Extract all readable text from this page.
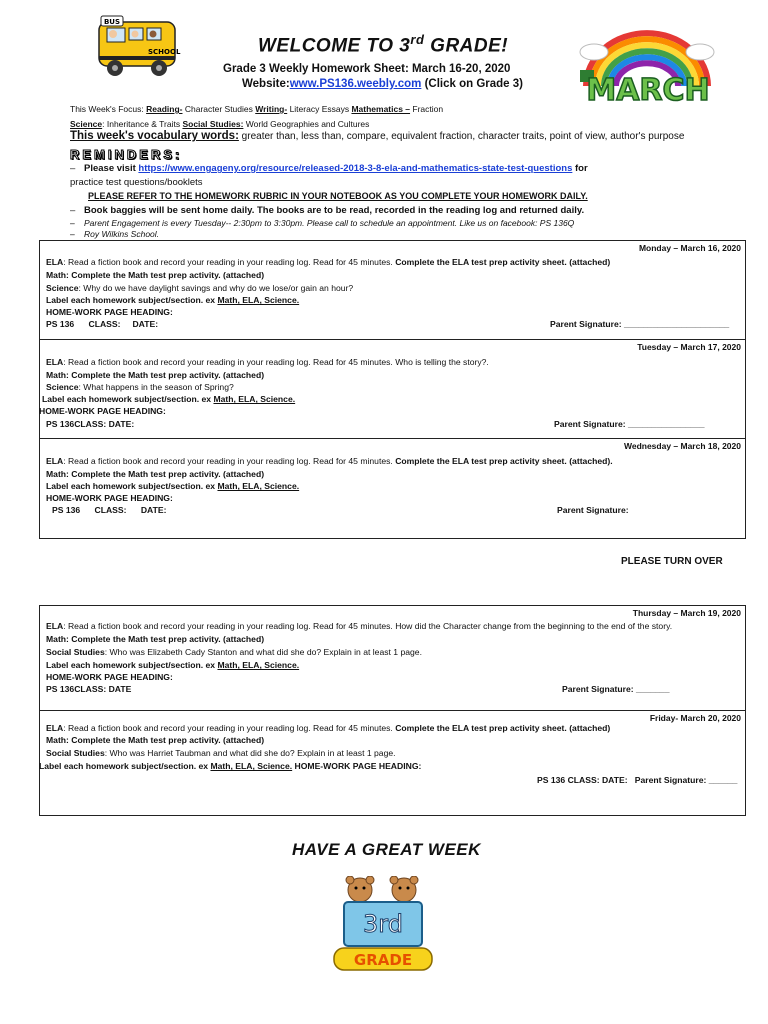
BUS
SCHOOL	WELCOME TO 3rd GRADE!
Grade 3 Weekly Homework Sheet: March 16-20, 2020
Website:www.PS136.weebly.com (Click on Grade 3) MARCH
This Week's Focus: Reading- Character Studies Writing- Literacy Essays Mathematics – Fraction
Science: Inheritance & Traits Social Studies: World Geographies and Cultures
This week's vocabulary words: greater than, less than, compare, equivalent fraction, character traits, point of view, author's purpose
REMINDERS:
– Please visit https://www.engageny.org/resource/released-2018-3-8-ela-and-mathematics-state-test-questions for
practice test questions/booklets
PLEASE REFER TO THE HOMEWORK RUBRIC IN YOUR NOTEBOOK AS YOU COMPLETE YOUR HOMEWORK DAILY.
– Book baggies will be sent home daily. The books are to be read, recorded in the reading log and returned daily.
– Parent Engagement is every Tuesday-- 2:30pm to 3:30pm. Please call to schedule an appointment. Like us on facebook: PS 136Q
– Roy Wilkins School.
Monday – March 16, 2020
ELA: Read a fiction book and record your reading in your reading log. Read for 45 minutes. Complete the ELA test prep activity sheet. (attached)
Math: Complete the Math test prep activity. (attached)
Science: Why do we have daylight savings and why do we lose/or gain an hour?
Label each homework subject/section. ex Math, ELA, Science.
HOME-WORK PAGE HEADING:
PS 136      CLASS:     DATE:	Parent Signature: ______________________
Tuesday – March 17, 2020
ELA: Read a fiction book and record your reading in your reading log. Read for 45 minutes. Who is telling the story?.
Math: Complete the Math test prep activity. (attached)
Science: What happens in the season of Spring?
Label each homework subject/section. ex Math, ELA, Science.
HOME-WORK PAGE HEADING:
PS 136CLASS: DATE:	Parent Signature: ________________
Wednesday – March 18, 2020
ELA: Read a fiction book and record your reading in your reading log. Read for 45 minutes. Complete the ELA test prep activity sheet. (attached).
Math: Complete the Math test prep activity. (attached)
Label each homework subject/section. ex Math, ELA, Science.
HOME-WORK PAGE HEADING:
PS 136      CLASS:      DATE:	Parent Signature:
PLEASE TURN OVER
Thursday – March 19, 2020
ELA: Read a fiction book and record your reading in your reading log. Read for 45 minutes. How did the Character change from the beginning to the end of the story.
Math: Complete the Math test prep activity. (attached)
Social Studies: Who was Elizabeth Cady Stanton and what did she do? Explain in at least 1 page.
Label each homework subject/section. ex Math, ELA, Science.
HOME-WORK PAGE HEADING:
PS 136CLASS: DATE	Parent Signature: _______
Friday- March 20, 2020
ELA: Read a fiction book and record your reading in your reading log. Read for 45 minutes. Complete the ELA test prep activity sheet. (attached)
Math: Complete the Math test prep activity. (attached)
Social Studies: Who was Harriet Taubman and what did she do? Explain in at least 1 page.
Label each homework subject/section. ex Math, ELA, Science. HOME-WORK PAGE HEADING:
PS 136 CLASS: DATE:   Parent Signature: ______
HAVE A GREAT WEEK
3rd
GRADE
